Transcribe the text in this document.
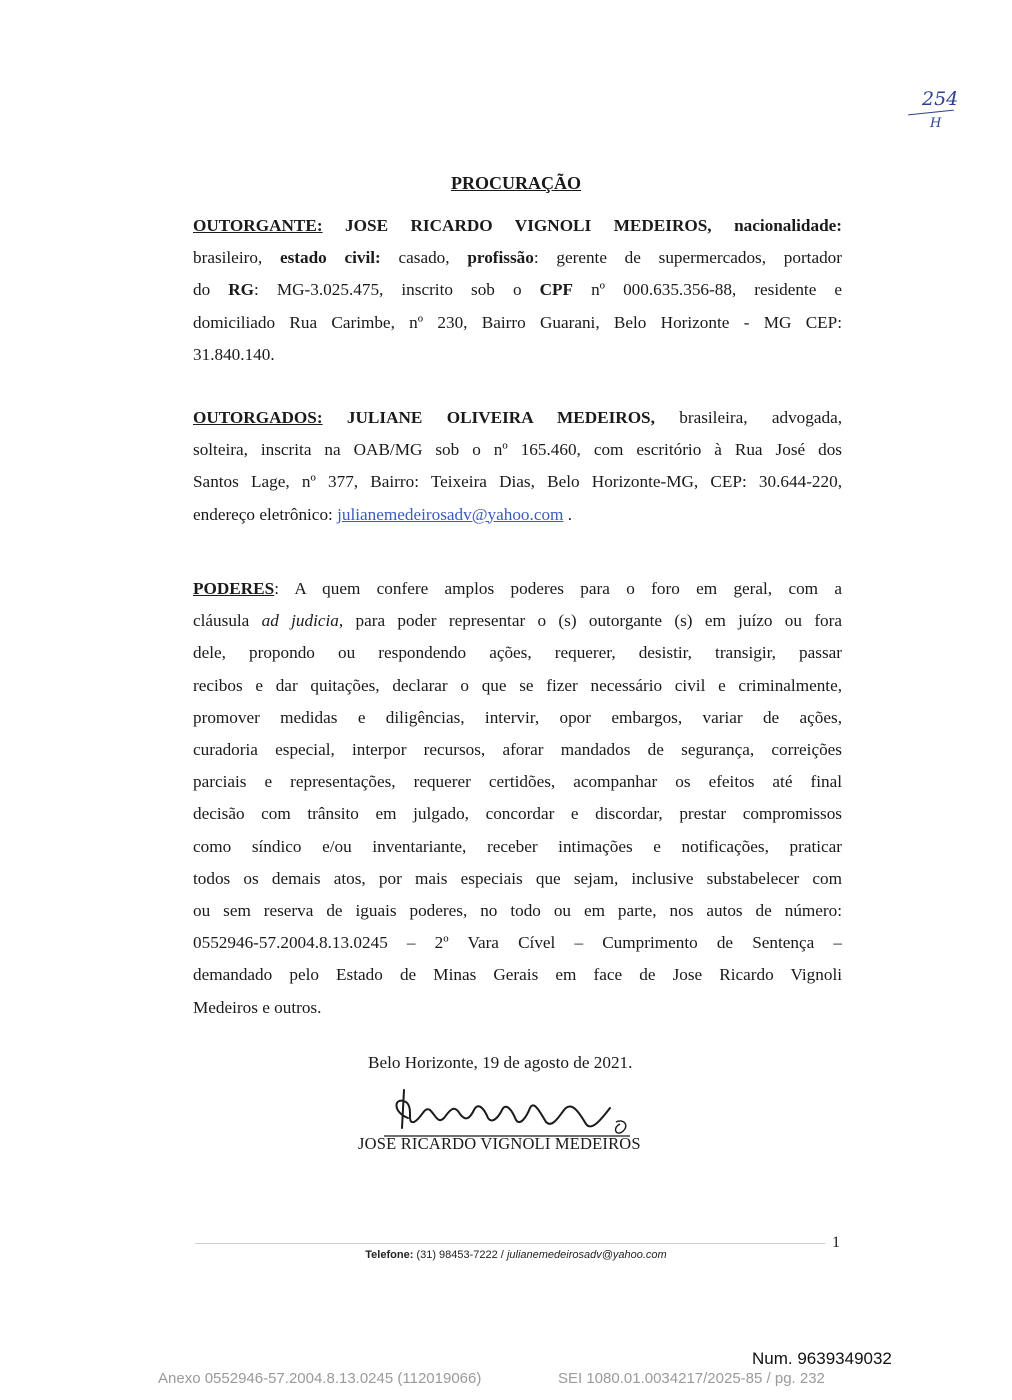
254
H
PROCURAÇÃO
OUTORGANTE: JOSE RICARDO VIGNOLI MEDEIROS, nacionalidade:
brasileiro, estado civil: casado, profissão: gerente de supermercados, portador
do RG: MG-3.025.475, inscrito sob o CPF nº 000.635.356-88, residente e
domiciliado Rua Carimbe, nº 230, Bairro Guarani, Belo Horizonte - MG CEP:
31.840.140.
OUTORGADOS: JULIANE OLIVEIRA MEDEIROS, brasileira, advogada,
solteira, inscrita na OAB/MG sob o nº 165.460, com escritório à Rua José dos
Santos Lage, nº 377, Bairro: Teixeira Dias, Belo Horizonte-MG, CEP: 30.644-220,
endereço eletrônico: julianemedeirosadv@yahoo.com .
PODERES: A quem confere amplos poderes para o foro em geral, com a
cláusula ad judicia, para poder representar o (s) outorgante (s) em juízo ou fora
dele, propondo ou respondendo ações, requerer, desistir, transigir, passar
recibos e dar quitações, declarar o que se fizer necessário civil e criminalmente,
promover medidas e diligências, intervir, opor embargos, variar de ações,
curadoria especial, interpor recursos, aforar mandados de segurança, correições
parciais e representações, requerer certidões, acompanhar os efeitos até final
decisão com trânsito em julgado, concordar e discordar, prestar compromissos
como síndico e/ou inventariante, receber intimações e notificações, praticar
todos os demais atos, por mais especiais que sejam, inclusive substabelecer com
ou sem reserva de iguais poderes, no todo ou em parte, nos autos de número:
0552946-57.2004.8.13.0245 – 2º Vara Cível – Cumprimento de Sentença –
demandado pelo Estado de Minas Gerais em face de Jose Ricardo Vignoli
Medeiros e outros.
Belo Horizonte, 19 de agosto de 2021.
JOSE RICARDO VIGNOLI MEDEIROS
1
Telefone: (31) 98453-7222 / julianemedeirosadv@yahoo.com
Num. 9639349032
Anexo 0552946-57.2004.8.13.0245 (112019066)	SEI 1080.01.0034217/2025-85 / pg. 232
